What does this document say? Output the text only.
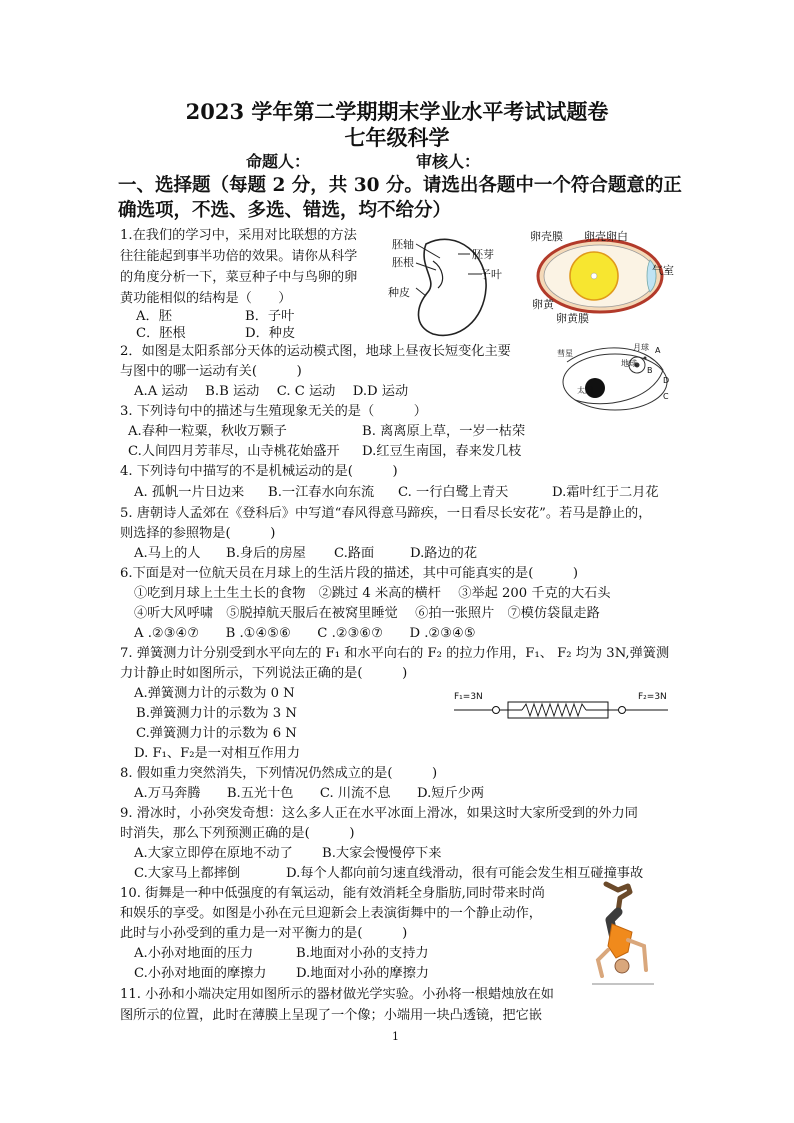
2023 学年第二学期期末学业水平考试试题卷
七年级科学
命题人：	审核人：
一、选择题（每题 2 分，共 30 分。请选出各题中一个符合题意的正
确选项，不选、多选、错选，均不给分）
1.在我们的学习中，采用对比联想的方法
往往能起到事半功倍的效果。请你从科学
的角度分析一下，菜豆种子中与鸟卵的卵
黄功能相似的结构是（　　）
A．胚	B．子叶
C．胚根	D．种皮
胚轴
胚根
胚芽
子叶
种皮
卵壳膜 卵壳卵白
气室
卵黄
卵黄膜
2．如图是太阳系部分天体的运动模式图，地球上昼夜长短变化主要
与图中的哪一运动有关(　　　)
A.A 运动　 B.B 运动　 C. C 运动　 D.D 运动
彗星
月球
地球
太阳
A
B
C
D
3. 下列诗句中的描述与生殖现象无关的是（　　　）
A.春种一粒粟，秋收万颗子	B. 离离原上草，一岁一枯荣
C.人间四月芳菲尽，山寺桃花始盛开 D.红豆生南国，春来发几枝
4. 下列诗句中描写的不是机械运动的是(　　　)
A. 孤帆一片日边来 B.一江春水向东流 C. 一行白鹭上青天	D.霜叶红于二月花
5. 唐朝诗人孟郊在《登科后》中写道“春风得意马蹄疾，一日看尽长安花”。若马是静止的，
则选择的参照物是(　　　)
A.马上的人 B.身后的房屋 C.路面	D.路边的花
6.下面是对一位航天员在月球上的生活片段的描述，其中可能真实的是(　　　)
①吃到月球上土生土长的食物　②跳过 4 米高的横杆　 ③举起 200 千克的大石头
④听大风呼啸　⑤脱掉航天服后在被窝里睡觉　 ⑥拍一张照片　⑦模仿袋鼠走路
A .②③④⑦　　B .①④⑤⑥　　C .②③⑥⑦　　D .②③④⑤
7. 弹簧测力计分别受到水平向左的 F₁ 和水平向右的 F₂ 的拉力作用，F₁、 F₂ 均为 3N,弹簧测
力计静止时如图所示，下列说法正确的是(　　　)
A.弹簧测力计的示数为 0 N
B.弹簧测力计的示数为 3 N
C.弹簧测力计的示数为 6 N
D. F₁、F₂是一对相互作用力
F₁=3N	F₂=3N
8. 假如重力突然消失，下列情况仍然成立的是(　　　)
A.万马奔腾　　B.五光十色　　C. 川流不息　　D.短斤少两
9. 滑冰时，小孙突发奇想：这么多人正在水平冰面上滑冰，如果这时大家所受到的外力同
时消失，那么下列预测正确的是(　　　)
A.大家立即停在原地不动了 B.大家会慢慢停下来
C.大家马上都摔倒	D.每个人都向前匀速直线滑动，很有可能会发生相互碰撞事故
10. 街舞是一种中低强度的有氧运动，能有效消耗全身脂肪,同时带来时尚
和娱乐的享受。如图是小孙在元旦迎新会上表演街舞中的一个静止动作，
此时与小孙受到的重力是一对平衡力的是(　　　)
A.小孙对地面的压力	B.地面对小孙的支持力
C.小孙对地面的摩擦力 D.地面对小孙的摩擦力
11. 小孙和小端决定用如图所示的器材做光学实验。小孙将一根蜡烛放在如
图所示的位置，此时在薄膜上呈现了一个像；小端用一块凸透镜，把它嵌
1
